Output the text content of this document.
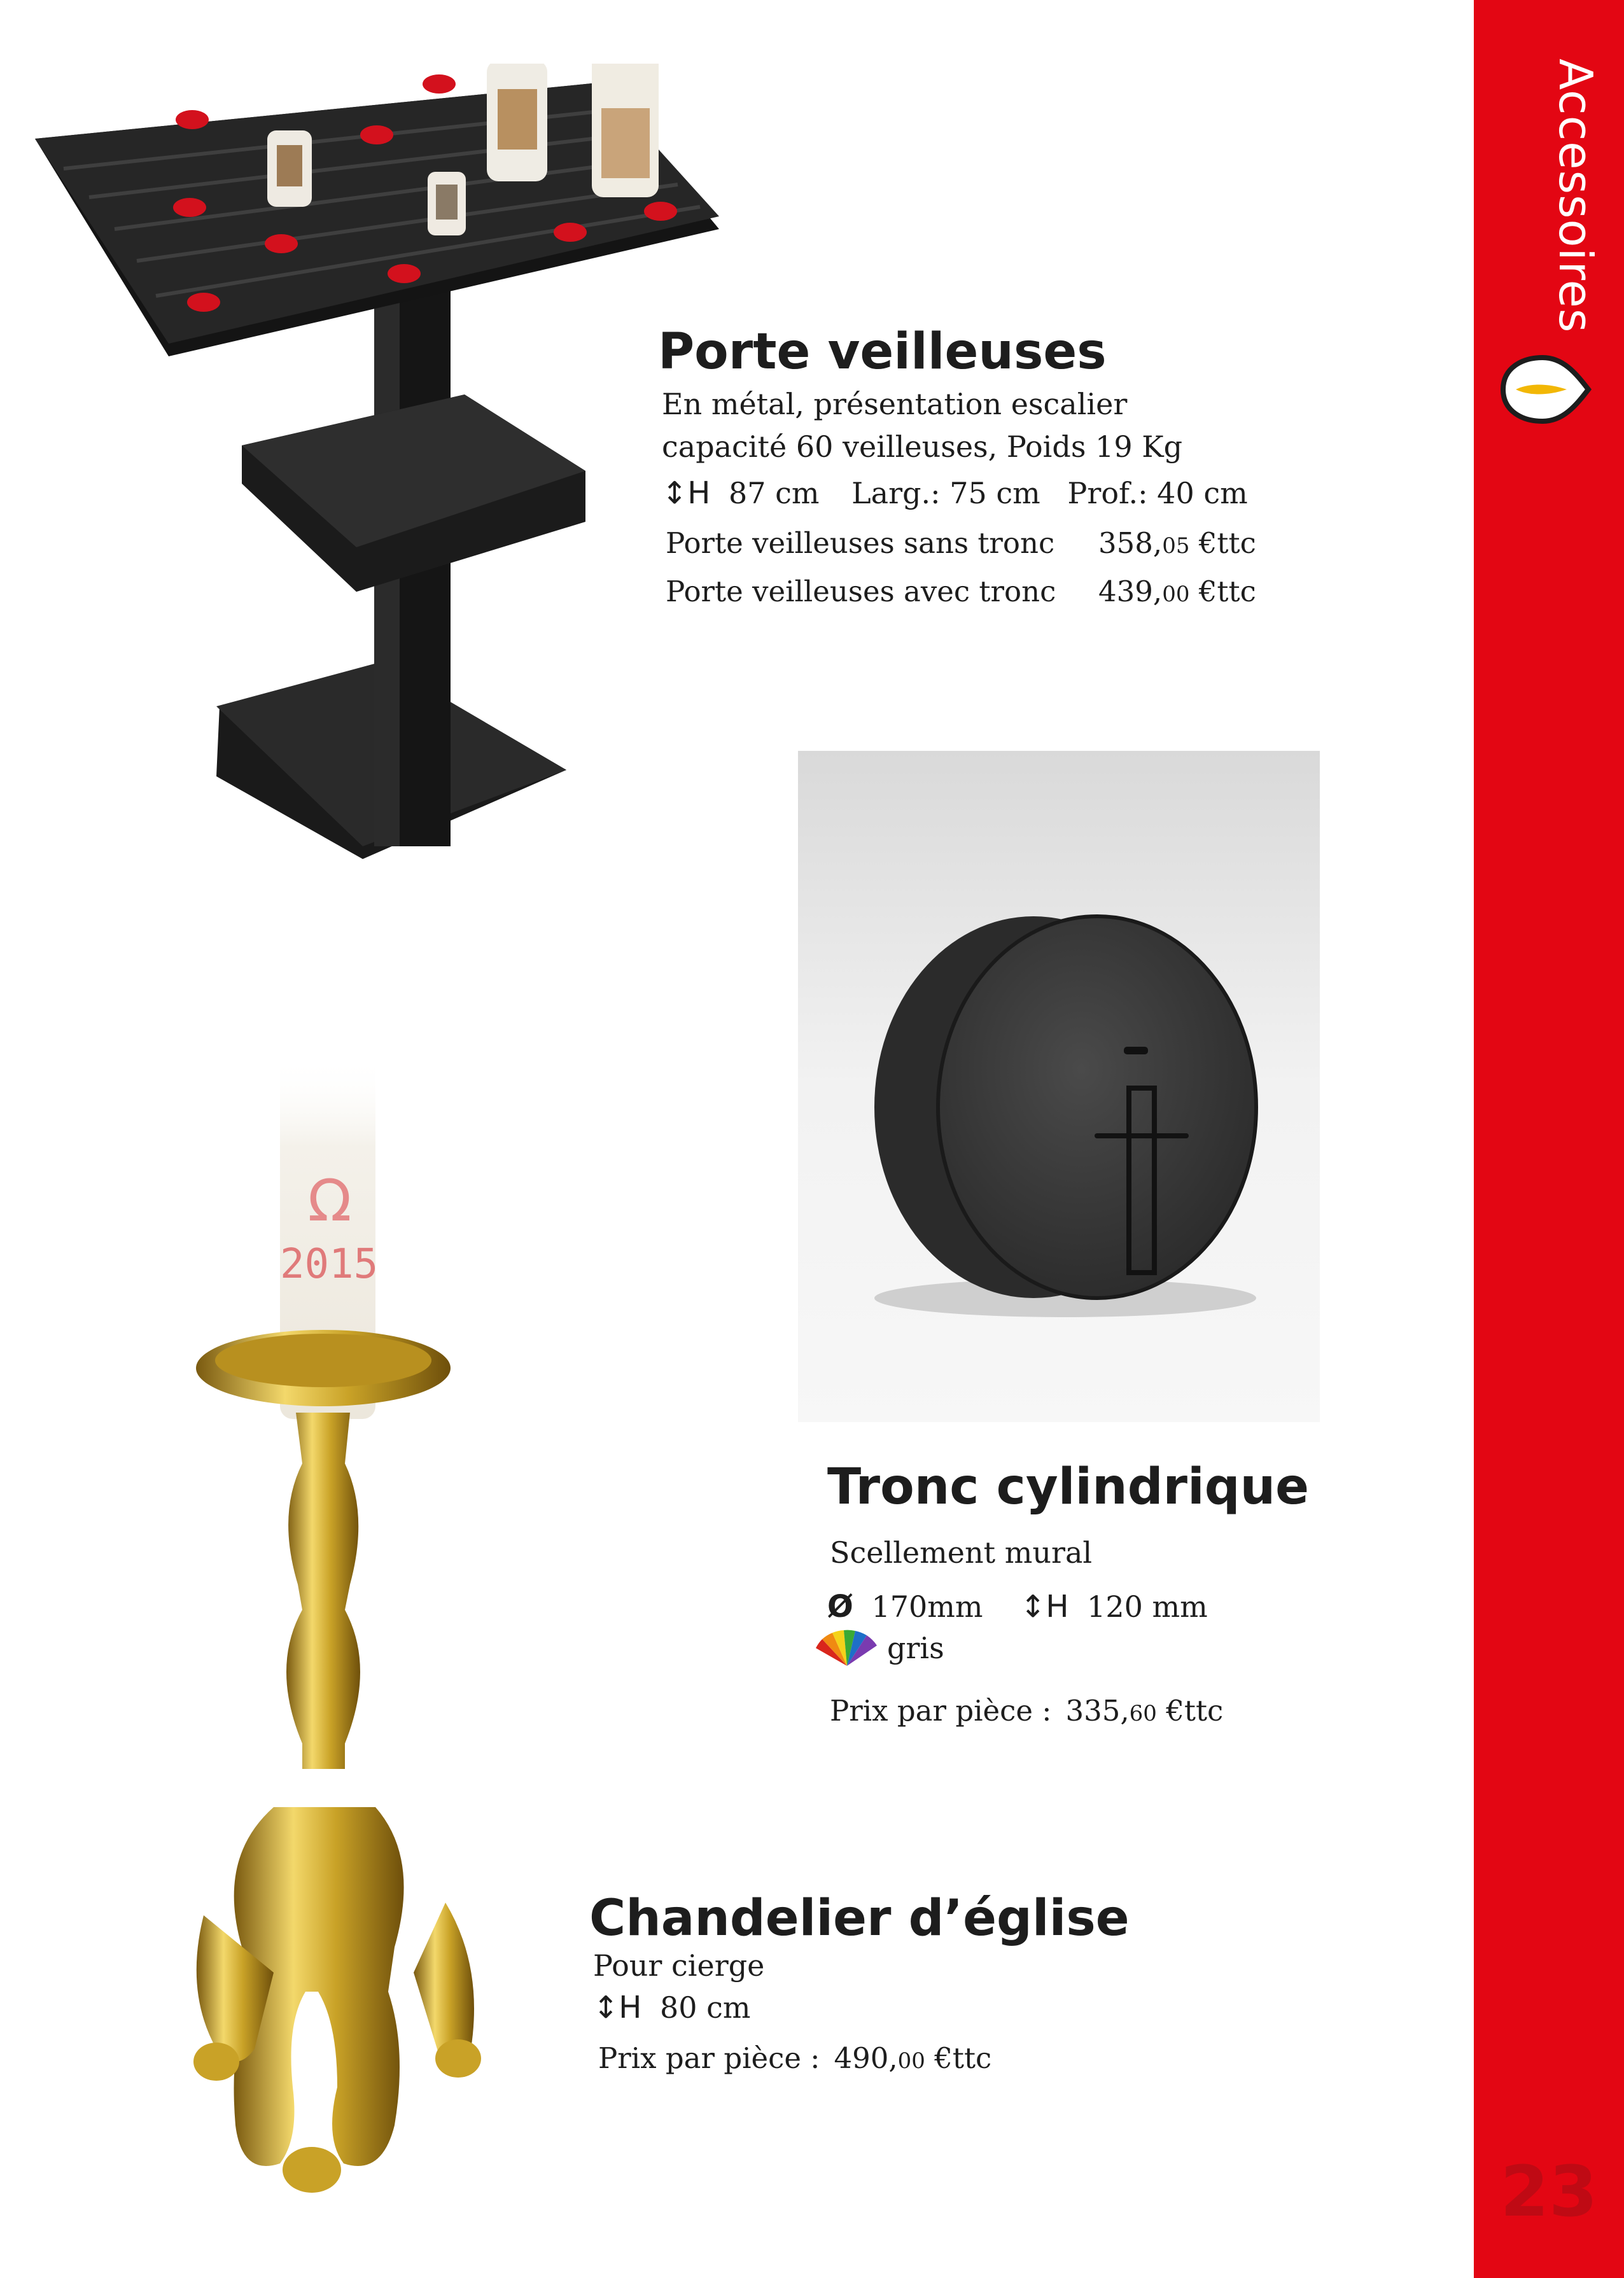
Accessoires
23
Porte veilleuses
En métal, présentation escalier
capacité 60 veilleuses, Poids 19 Kg
↕H 87 cm Larg.: 75 cm Prof.: 40 cm
Porte veilleuses sans tronc	358,05 €ttc
Porte veilleuses avec tronc	439,00 €ttc
Tronc cylindrique
Scellement mural
Ø 170mm ↕H 120 mm
gris
Prix par pièce : 335,60 €ttc
Ω
2015
Chandelier d’église
Pour cierge
↕H 80 cm
Prix par pièce : 490,00 €ttc
